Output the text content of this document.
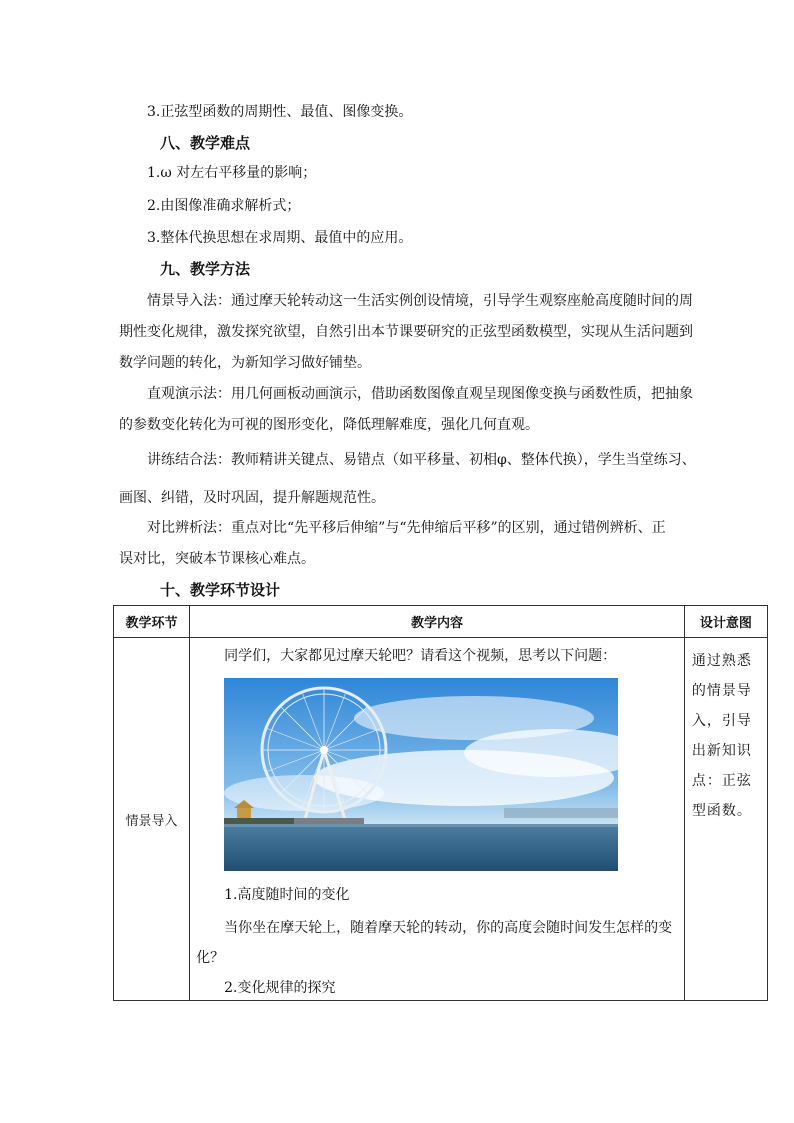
3.正弦型函数的周期性、最值、图像变换。
八、教学难点
1.ω 对左右平移量的影响；
2.由图像准确求解析式；
3.整体代换思想在求周期、最值中的应用。
九、教学方法
情景导入法：通过摩天轮转动这一生活实例创设情境，引导学生观察座舱高度随时间的周
期性变化规律，激发探究欲望，自然引出本节课要研究的正弦型函数模型，实现从生活问题到
数学问题的转化，为新知学习做好铺垫。
直观演示法：用几何画板动画演示，借助函数图像直观呈现图像变换与函数性质，把抽象
的参数变化转化为可视的图形变化，降低理解难度，强化几何直观。
讲练结合法：教师精讲关键点、易错点（如平移量、初相φ、整体代换），学生当堂练习、
画图、纠错，及时巩固，提升解题规范性。
对比辨析法：重点对比“先平移后伸缩”与“先伸缩后平移”的区别，通过错例辨析、正
误对比，突破本节课核心难点。
十、教学环节设计
教学环节	教学内容	设计意图
情景导入	同学们，大家都见过摩天轮吧？请看这个视频，思考以下问题：
1.高度随时间的变化
当你坐在摩天轮上，随着摩天轮的转动，你的高度会随时间发生怎样的变
化？
2.变化规律的探究	通过熟悉的情景导入，引导出新知识点：正弦型函数。
